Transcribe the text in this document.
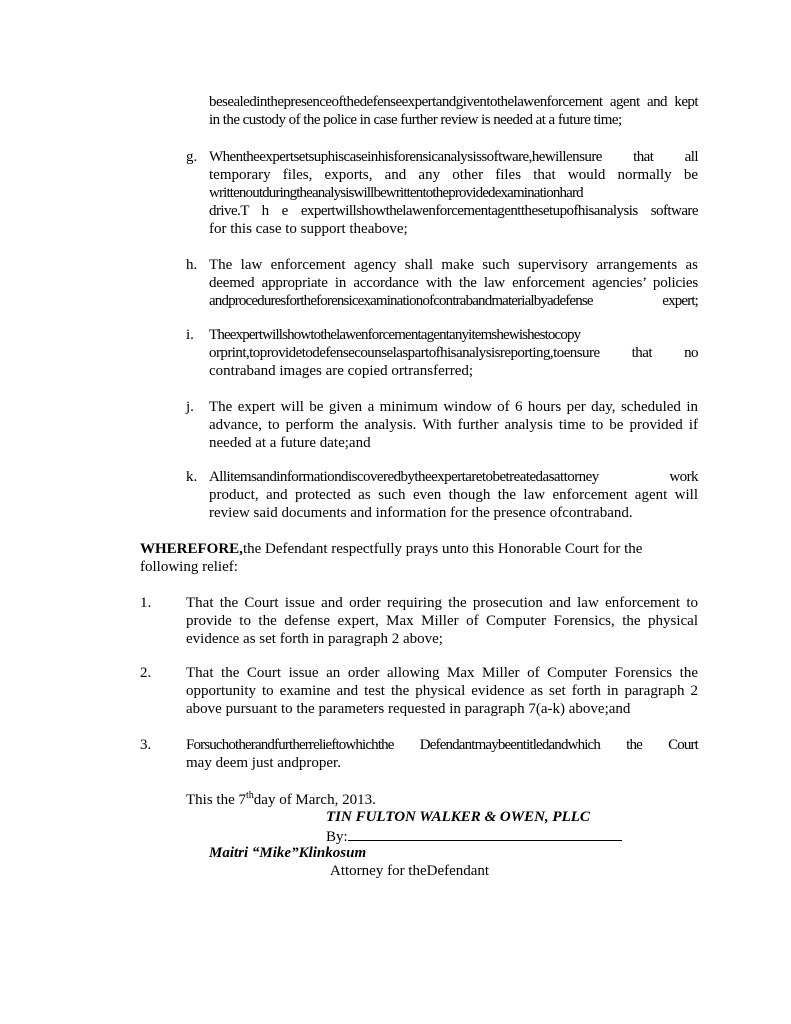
besealedinthepresenceofthedefenseexpertandgiventothelawenforcement agent and kept
in the custody of the police in case further review is needed at a future time;
g. Whentheexpertsetsuphiscaseinhisforensicanalysissoftware,hewillensure that all
temporary files, exports, and any other files that would normally be
writtenoutduringtheanalysiswillbewrittentotheprovidedexaminationhard
drive.T h e expertwillshowthelawenforcementagentthesetupofhisanalysis software
for this case to support theabove;
h. The law enforcement agency shall make such supervisory arrangements as
deemed appropriate in accordance with the law enforcement agencies’ policies
andproceduresfortheforensicexaminationofcontrabandmaterialbyadefense expert;
i. Theexpertwillshowtothelawenforcementagentanyitemshewishestocopy
orprint,toprovidetodefensecounselaspartofhisanalysisreporting,toensure that no
contraband images are copied ortransferred;
j. The expert will be given a minimum window of 6 hours per day, scheduled in
advance, to perform the analysis. With further analysis time to be provided if
needed at a future date;and
k. Allitemsandinformationdiscoveredbytheexpertaretobetreatedasattorney work
product, and protected as such even though the law enforcement agent will
review said documents and information for the presence ofcontraband.
WHEREFORE,the Defendant respectfully prays unto this Honorable Court for the
following relief:
1. That the Court issue and order requiring the prosecution and law enforcement to provide to the defense expert, Max Miller of Computer Forensics, the physical evidence as set forth in paragraph 2 above;
2. That the Court issue an order allowing Max Miller of Computer Forensics the opportunity to examine and test the physical evidence as set forth in paragraph 2 above pursuant to the parameters requested in paragraph 7(a-k) above;and
3. Forsuchotherandfurtherrelieftowhichthe Defendantmaybeentitledandwhich the Court
may deem just andproper.
This the 7thday of March, 2013.
TIN FULTON WALKER & OWEN, PLLC
By:
Maitri “Mike”Klinkosum
Attorney for theDefendant
